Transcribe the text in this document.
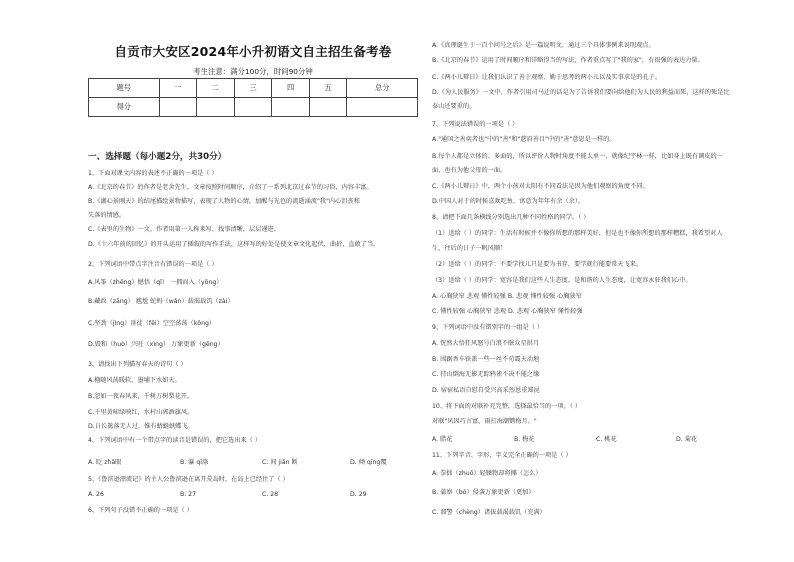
自贡市大安区2024年小升初语文自主招生备考卷
考生注意：满分100分，时间90分钟
题号	一	二	三	四	五	总分
得分						
一、选择题（每小题2分，共30分）
1、下面对课文内容的表述不正确的一项是（ ）
A.《北京的春节》的作者是老舍先生，文章按照时间顺序，介绍了一系列北京过春节的习俗，内容丰富。
B.《湖心景刚天》的结尾描绘景物描写，表现了人物的心情，加醒与光色的流逝涌流"我"内心沮丧和
失落的情感。
C.《表里的生物》一文，作者用第一人称来写，找事清晰，层层递进。
D.《十六年前的回忆》的开头运用了插叙的写作手法，这样写的好处是使文章文化起伏，曲折，直敢了当。
2、下列词语中带点字注音有错误的一项是（ ）
A.风筝（zhēng）憾悟（qǐ） 一拥而入（yōng）
B.藏政（zāng） 尴尬 蛇蚂（wǎn）载渴载饥（zài）
C.坚劲（jìng）匪徒（fěi）空空荡荡（kōng）
D.毁和（huò）兴旺（xìng） 万象更新（gēng）
3、请找出下列描写春天的诗句（ ）
A.櫓随风荡暖软，墨埔下水如天。
B.忽如一夜春风来，千树万树梨花开。
C.千里黄啼绿映红，水村山郭酒旗风。
D.日长篱落无人过，惟有蜻蜓蛱蝶飞。
4、下列词语中有一个带点字的读音是错误的，把它选出来（ ）
A. 眨 zhǎ眼	B. 瀑 qī涤	C. 间 jiān 断	D. 倾 qīng覆
5、《鲁滨逊漂流记》的主人公鲁滨逊在离开荒岛时，在岛上已经住了（ ）
A. 26	B. 27	C. 28	D. 29
6、下列句子没错不正确的一项是（ ）
A.《真理诞生于一百个问号之后》是一篇说明文，通过三个具体事例来说明观点。
B.《北京的春节》运用了时间顺序和详略得当的写法，作者重点写了"我的家"，有很强的表达力量。
C.《两小儿辩日》让我们认识了善于观察、勤于思考的两小儿以及实事求是的孔子。
D.《为人民服务》一文中，作者引用司马迁的话是为了告诉我们要向给他们为人民的利益而死，这样的死是比
泰山还要重的。
7、下列说法错误的一项是（ ）
A."通国之善奕者也"中的"善"和"慈眉善目"中的"善"意思是一样的。
B.每个人都是立体的、多面的，所以评价人物时角度不能太单一，就像纪宇林一样，比如身上既有调皮的一
面，也有为他父母的一面。
C.《两小儿辩日》中，两个小孩对太阳有不同看法是因为他们观察的角度不同。
D.中国人对于的时候喜欢吃鱼，寓意为年年有余（余）。
8、请把下面几条横线分别选出几种不同性格的同学。（ ）
（1）送给（ ）的同学：生活有时候并不像你所想的那样美好，但是也不像你所想的那样糟糕，我希望对人
生，往后的日子一帆风顺！
（2）送给（ ）的同学：不要学找儿只是要为书存，要学就行能要常天飞来。
（3）送给（ ）的同学：宽容是我们这些人生态度，是和谐的人生态度，让宽容永驻我们心中。
A. 心胸狭窄 悲观 懂性较强 B. 悲观 懂性较强 心胸狭窄
C. 懂性较强 心胸狭窄 悲观 D. 悲观 心胸狭窄 懂性较强
9、下列词语中没有错别字的一组是（ ）
A. 恍然大悟狂风怒号白浪不眠众星拱月
B. 围踞香车铁盖一些一丝不苟震天动地
C. 持山倒海无影无踪鸦雀不决不能之缘
D. 宿宿私语自慰自受兴高采烈恩重郑昆
10、将下面的对联补充完整，选择最恰当的一项。（ ）
对联"风因巧言富，雨打海潮鹦梅月。"
A. 腊花	B. 梅花	C. 桃花	D. 菊花
11、下列字音、字形、字义完全正确的一项是（ ）
A. 拳拙（zhuō）轻臊物却将揶（怎么）
B. 蒲察（bó）侵袭万象更新（更加）
C. 溜警（chèng）诸拔载渴载饥（充满）
